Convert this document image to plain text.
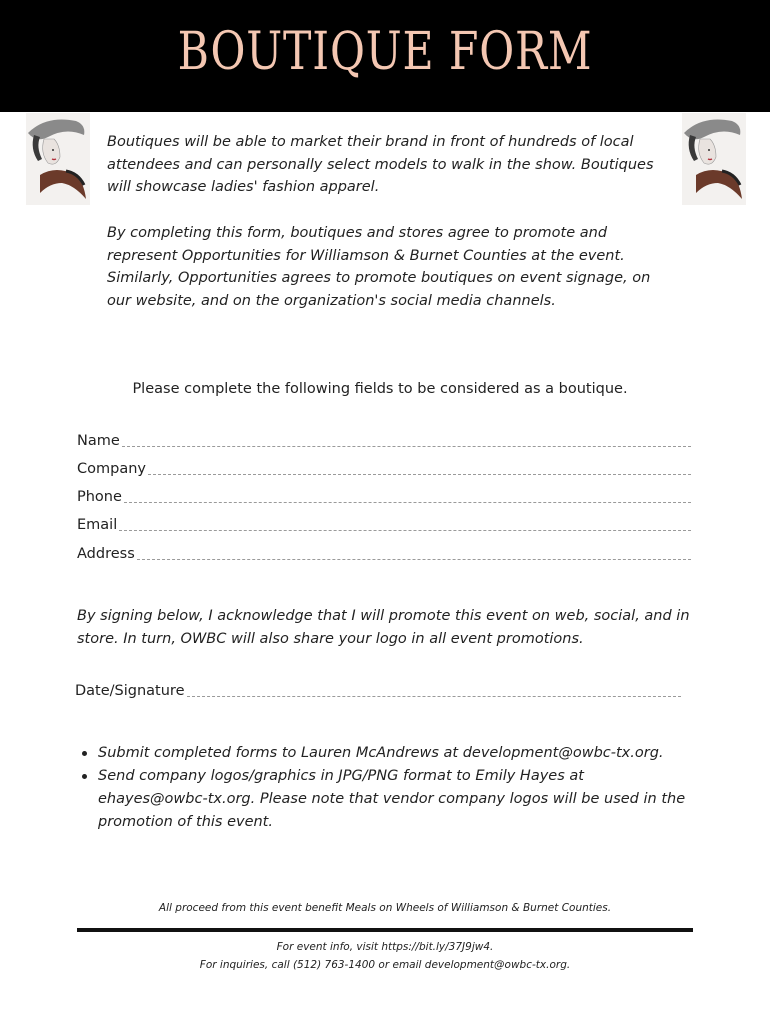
BOUTIQUE FORM
Boutiques will be able to market their brand in front of hundreds of local attendees and can personally select models to walk in the show. Boutiques will showcase ladies' fashion apparel.
By completing this form, boutiques and stores agree to promote and represent Opportunities for Williamson & Burnet Counties at the event. Similarly, Opportunities agrees to promote boutiques on event signage, on our website, and on the organization's social media channels.
Please complete the following fields to be considered as a boutique.
Name
Company
Phone
Email
Address
By signing below, I acknowledge that I will promote this event on web, social, and in store. In turn, OWBC will also share your logo in all event promotions.
Date/Signature
Submit completed forms to Lauren McAndrews at development@owbc-tx.org.
Send company logos/graphics in JPG/PNG format to Emily Hayes at ehayes@owbc-tx.org. Please note that vendor company logos will be used in the promotion of this event.
All proceed from this event benefit Meals on Wheels of Williamson & Burnet Counties.
For event info, visit https://bit.ly/37J9jw4.
For inquiries, call (512) 763-1400 or email development@owbc-tx.org.
